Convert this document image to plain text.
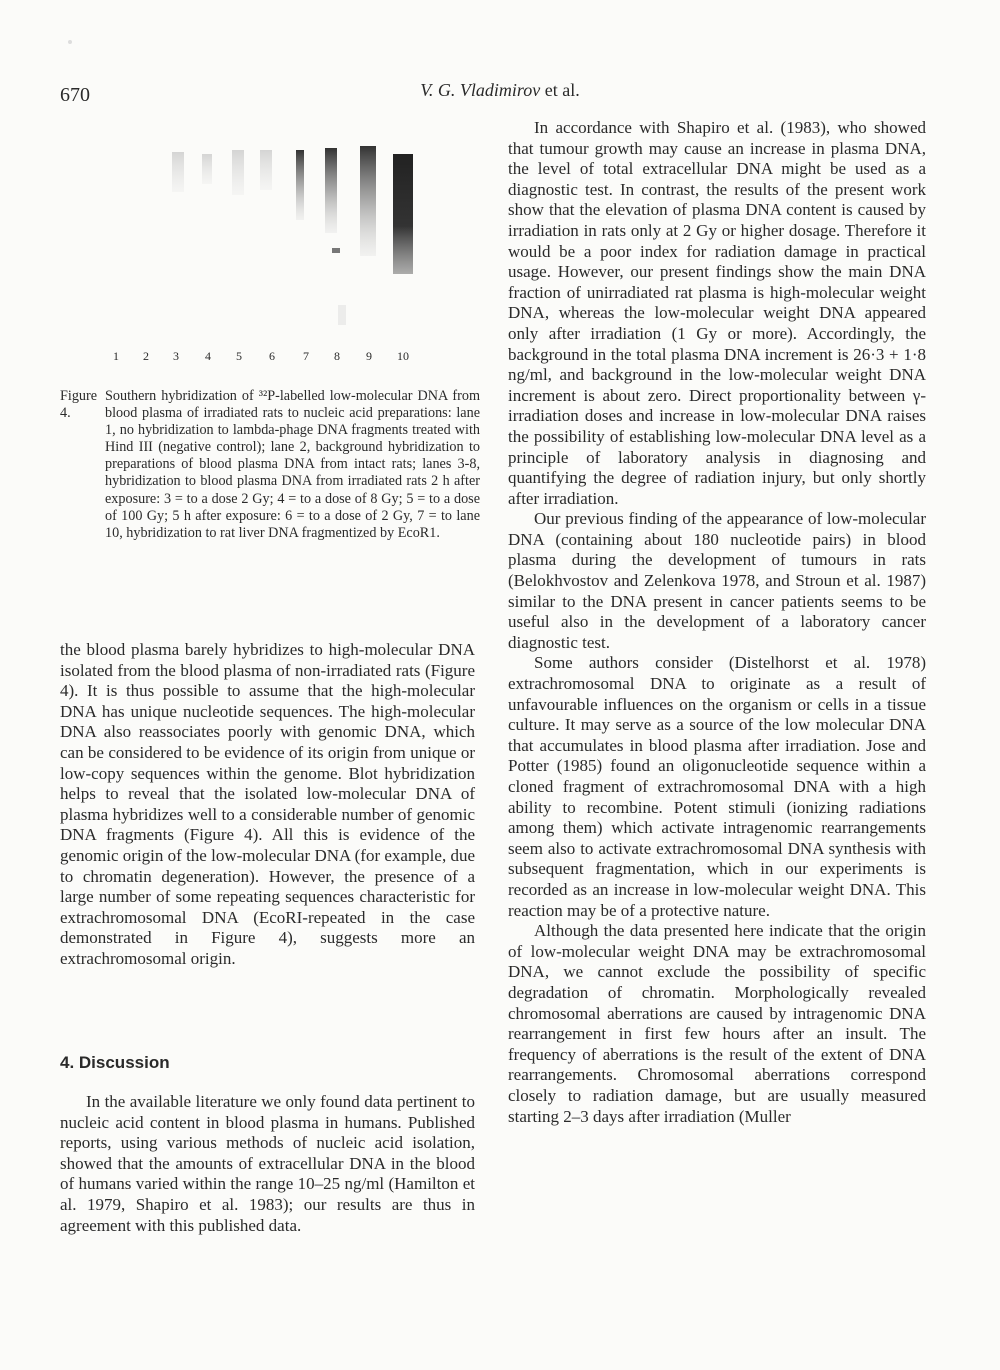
670	V. G. Vladimirov et al.
1 2 3 4 5 6 7 8 9 10
Figure 4.
Southern hybridization of ³²P-labelled low-molecular DNA from blood plasma of irradiated rats to nucleic acid preparations: lane 1, no hybridization to lambda-phage DNA fragments treated with Hind III (negative control); lane 2, background hybridization to preparations of blood plasma DNA from intact rats; lanes 3-8, hybridization to blood plasma DNA from irradiated rats 2 h after exposure: 3 = to a dose 2 Gy; 4 = to a dose of 8 Gy; 5 = to a dose of 100 Gy; 5 h after exposure: 6 = to a dose of 2 Gy, 7 = to lane 10, hybridization to rat liver DNA fragmentized by EcoR1.

the blood plasma barely hybridizes to high-molecular DNA isolated from the blood plasma of non-irradiated rats (Figure 4). It is thus possible to assume that the high-molecular DNA has unique nucleotide sequences. The high-molecular DNA also reassociates poorly with genomic DNA, which can be considered to be evidence of its origin from unique or low-copy sequences within the genome. Blot hybridization helps to reveal that the isolated low-molecular DNA of plasma hybridizes well to a considerable number of genomic DNA fragments (Figure 4). All this is evidence of the genomic origin of the low-molecular DNA (for example, due to chromatin degeneration). However, the presence of a large number of some repeating sequences characteristic for extrachromosomal DNA (EcoRI-repeated in the case demonstrated in Figure 4), suggests more an extrachromosomal origin.

4. Discussion

In the available literature we only found data pertinent to nucleic acid content in blood plasma in humans. Published reports, using various methods of nucleic acid isolation, showed that the amounts of extracellular DNA in the blood of humans varied within the range 10–25 ng/ml (Hamilton et al. 1979, Shapiro et al. 1983); our results are thus in agreement with this published data.

In accordance with Shapiro et al. (1983), who showed that tumour growth may cause an increase in plasma DNA, the level of total extracellular DNA might be used as a diagnostic test. In contrast, the results of the present work show that the elevation of plasma DNA content is caused by irradiation in rats only at 2 Gy or higher dosage. Therefore it would be a poor index for radiation damage in practical usage. However, our present findings show the main DNA fraction of unirradiated rat plasma is high-molecular weight DNA, whereas the low-molecular weight DNA appeared only after irradiation (1 Gy or more). Accordingly, the background in the total plasma DNA increment is 26·3 + 1·8 ng/ml, and background in the low-molecular weight DNA increment is about zero. Direct proportionality between γ-irradiation doses and increase in low-molecular DNA raises the possibility of establishing low-molecular DNA level as a principle of laboratory analysis in diagnosing and quantifying the degree of radiation injury, but only shortly after irradiation.

Our previous finding of the appearance of low-molecular DNA (containing about 180 nucleotide pairs) in blood plasma during the development of tumours in rats (Belokhvostov and Zelenkova 1978, and Stroun et al. 1987) similar to the DNA present in cancer patients seems to be useful also in the development of a laboratory cancer diagnostic test.

Some authors consider (Distelhorst et al. 1978) extrachromosomal DNA to originate as a result of unfavourable influences on the organism or cells in a tissue culture. It may serve as a source of the low molecular DNA that accumulates in blood plasma after irradiation. Jose and Potter (1985) found an oligonucleotide sequence within a cloned fragment of extrachromosomal DNA with a high ability to recombine. Potent stimuli (ionizing radiations among them) which activate intragenomic rearrangements seem also to activate extrachromosomal DNA synthesis with subsequent fragmentation, which in our experiments is recorded as an increase in low-molecular weight DNA. This reaction may be of a protective nature.

Although the data presented here indicate that the origin of low-molecular weight DNA may be extrachromosomal DNA, we cannot exclude the possibility of specific degradation of chromatin. Morphologically revealed chromosomal aberrations are caused by intragenomic DNA rearrangement in first few hours after an insult. The frequency of aberrations is the result of the extent of DNA rearrangements. Chromosomal aberrations correspond closely to radiation damage, but are usually measured starting 2–3 days after irradiation (Muller
